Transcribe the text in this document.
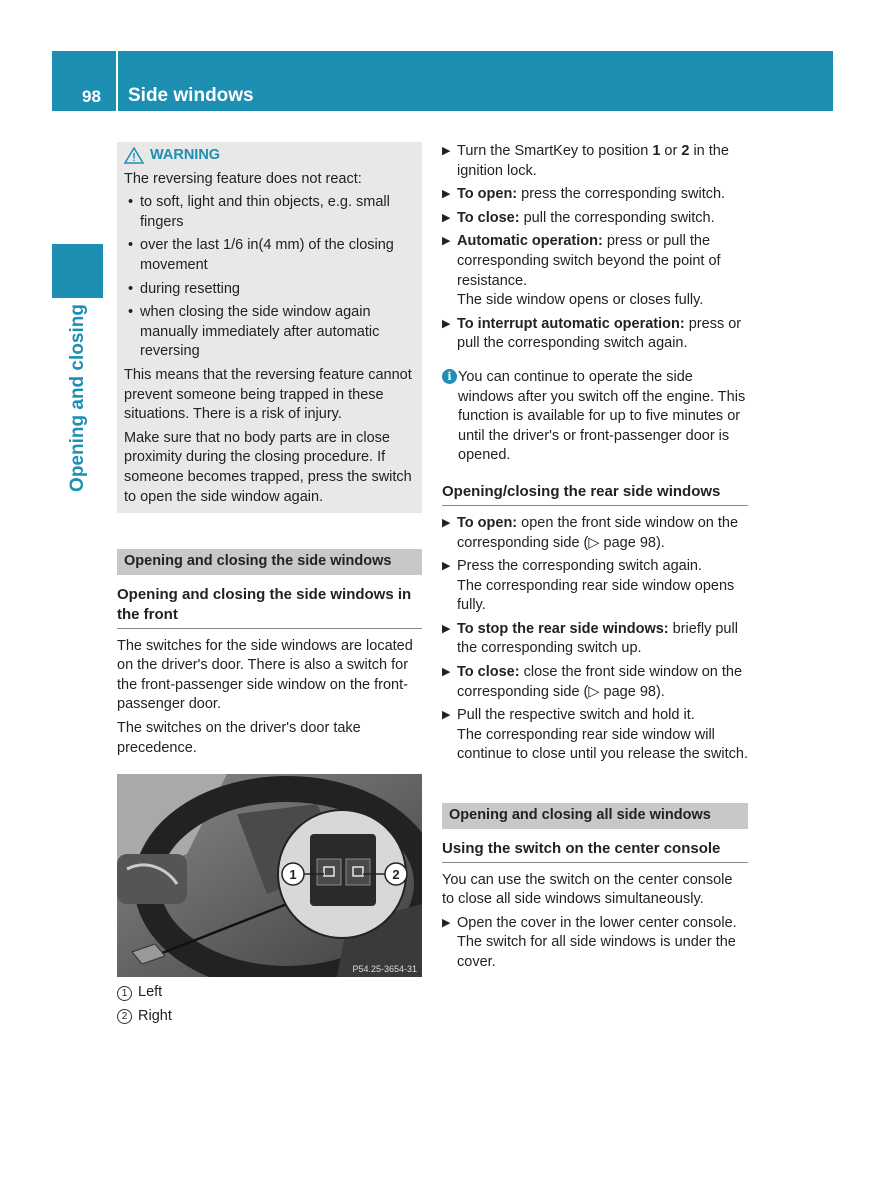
98 Side windows
Opening and closing
WARNING

The reversing feature does not react:

• to soft, light and thin objects, e.g. small fingers
• over the last 1/6 in(4 mm) of the closing movement
• during resetting
• when closing the side window again manually immediately after automatic reversing

This means that the reversing feature cannot prevent someone being trapped in these situations. There is a risk of injury.

Make sure that no body parts are in close proximity during the closing procedure. If someone becomes trapped, press the switch to open the side window again.

Opening and closing the side windows
Opening and closing the side windows in the front

The switches for the side windows are located on the driver's door. There is also a switch for the front-passenger side window on the front-passenger door.

The switches on the driver's door take precedence.

1	2
P54.25-3654-31
1 Left
2 Right
▶ Turn the SmartKey to position 1 or 2 in the ignition lock.
▶ To open: press the corresponding switch.
▶ To close: pull the corresponding switch.
▶ Automatic operation: press or pull the corresponding switch beyond the point of resistance.
The side window opens or closes fully.
▶ To interrupt automatic operation: press or pull the corresponding switch again.
i You can continue to operate the side windows after you switch off the engine. This function is available for up to five minutes or until the driver's or front-passenger door is opened.
Opening/closing the rear side windows
▶ To open: open the front side window on the corresponding side (▷ page 98).
▶ Press the corresponding switch again.
The corresponding rear side window opens fully.
▶ To stop the rear side windows: briefly pull the corresponding switch up.
▶ To close: close the front side window on the corresponding side (▷ page 98).
▶ Pull the respective switch and hold it.
The corresponding rear side window will continue to close until you release the switch.
Opening and closing all side windows
Using the switch on the center console

You can use the switch on the center console to close all side windows simultaneously.

▶ Open the cover in the lower center console.
The switch for all side windows is under the cover.
